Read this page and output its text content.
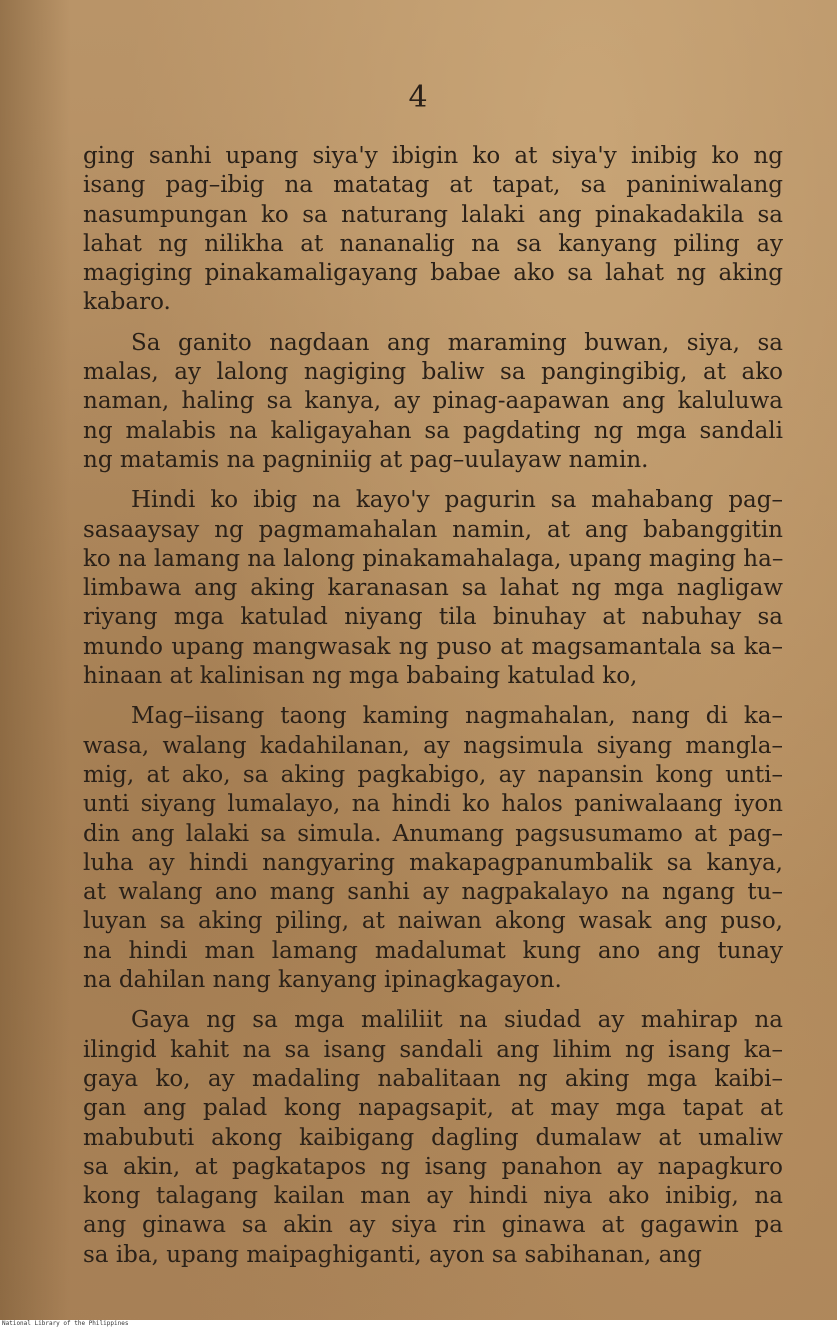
4
ging sanhi upang siya'y ibigin ko at siya'y inibig ko ng
isang pag–ibig na matatag at tapat, sa paniniwalang
nasumpungan ko sa naturang lalaki ang pinakadakila sa
lahat ng nilikha at nananalig na sa kanyang piling ay
magiging pinakamaligayang babae ako sa lahat ng aking
kabaro.
Sa ganito nagdaan ang maraming buwan, siya, sa
malas, ay lalong nagiging baliw sa pangingibig, at ako
naman, haling sa kanya, ay pinag-aapawan ang kaluluwa
ng malabis na kaligayahan sa pagdating ng mga sandali
ng matamis na pagniniig at pag–uulayaw namin.
Hindi ko ibig na kayo'y pagurin sa mahabang pag–
sasaaysay ng pagmamahalan namin, at ang babanggitin
ko na lamang na lalong pinakamahalaga, upang maging ha–
limbawa ang aking karanasan sa lahat ng mga nagligaw
riyang mga katulad niyang tila binuhay at nabuhay sa
mundo upang mangwasak ng puso at magsamantala sa ka–
hinaan at kalinisan ng mga babaing katulad ko,
Mag–iisang taong kaming nagmahalan, nang di ka–
wasa, walang kadahilanan, ay nagsimula siyang mangla–
mig, at ako, sa aking pagkabigo, ay napansin kong unti–
unti siyang lumalayo, na hindi ko halos paniwalaang iyon
din ang lalaki sa simula. Anumang pagsusumamo at pag–
luha ay hindi nangyaring makapagpanumbalik sa kanya,
at walang ano mang sanhi ay nagpakalayo na ngang tu–
luyan sa aking piling, at naiwan akong wasak ang puso,
na hindi man lamang madalumat kung ano ang tunay
na dahilan nang kanyang ipinagkagayon.
Gaya ng sa mga maliliit na siudad ay mahirap na
ilingid kahit na sa isang sandali ang lihim ng isang ka–
gaya ko, ay madaling nabalitaan ng aking mga kaibi–
gan ang palad kong napagsapit, at may mga tapat at
mabubuti akong kaibigang dagling dumalaw at umaliw
sa akin, at pagkatapos ng isang panahon ay napagkuro
kong talagang kailan man ay hindi niya ako inibig, na
ang ginawa sa akin ay siya rin ginawa at gagawin pa
sa iba, upang maipaghiganti, ayon sa sabihanan, ang
National Library of the Philippines
